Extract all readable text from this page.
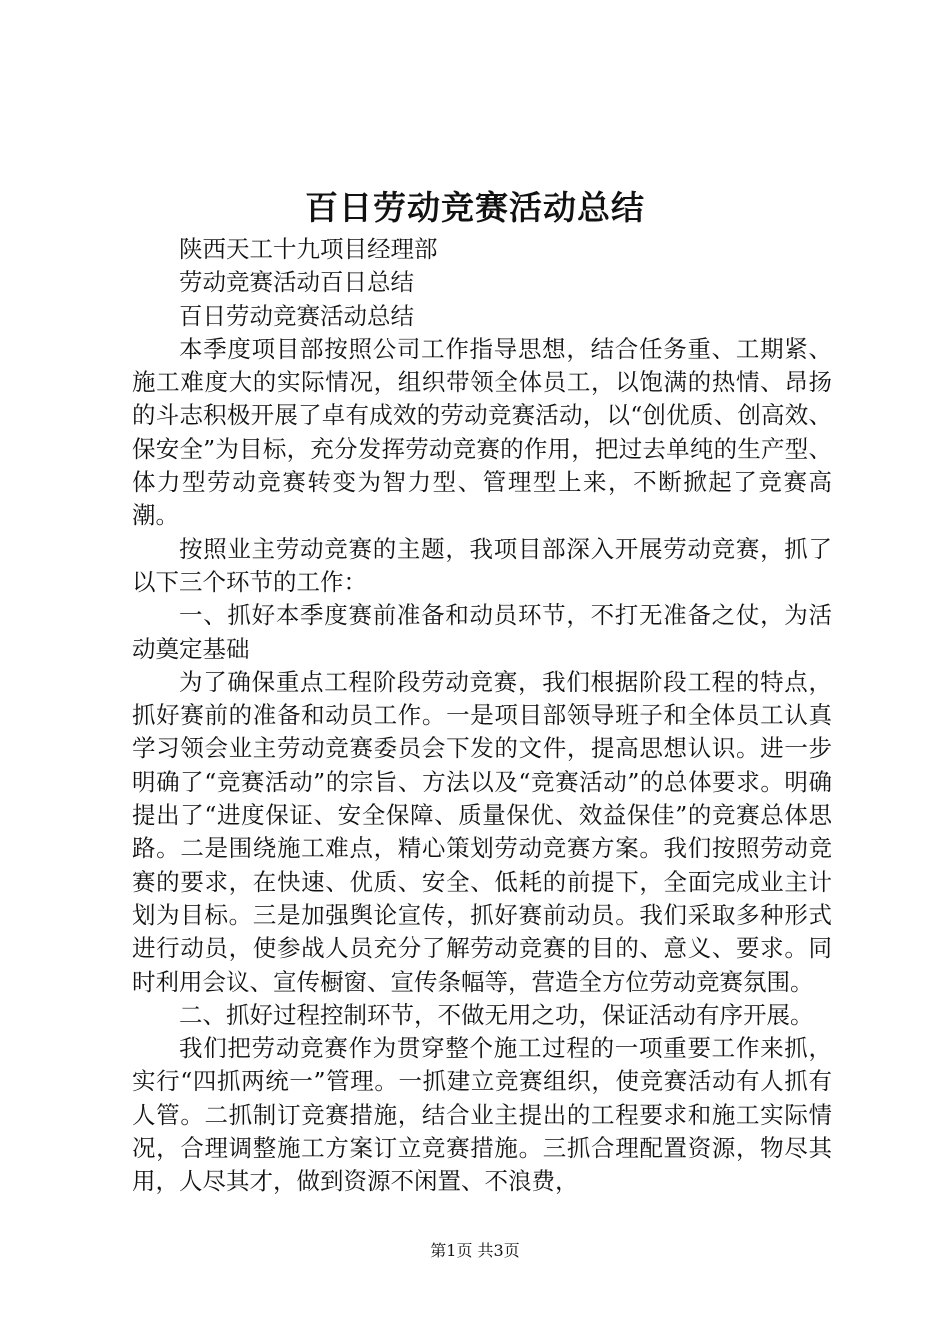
百日劳动竞赛活动总结

陕西天工十九项目经理部

劳动竞赛活动百日总结

百日劳动竞赛活动总结

本季度项目部按照公司工作指导思想，结合任务重、工期紧、施工难度大的实际情况，组织带领全体员工，以饱满的热情、昂扬的斗志积极开展了卓有成效的劳动竞赛活动，以“创优质、创高效、保安全”为目标，充分发挥劳动竞赛的作用，把过去单纯的生产型、体力型劳动竞赛转变为智力型、管理型上来，不断掀起了竞赛高潮。

按照业主劳动竞赛的主题，我项目部深入开展劳动竞赛，抓了以下三个环节的工作：

一、抓好本季度赛前准备和动员环节，不打无准备之仗，为活动奠定基础

为了确保重点工程阶段劳动竞赛，我们根据阶段工程的特点，抓好赛前的准备和动员工作。一是项目部领导班子和全体员工认真学习领会业主劳动竞赛委员会下发的文件，提高思想认识。进一步明确了“竞赛活动”的宗旨、方法以及“竞赛活动”的总体要求。明确提出了“进度保证、安全保障、质量保优、效益保佳”的竞赛总体思路。二是围绕施工难点，精心策划劳动竞赛方案。我们按照劳动竞赛的要求，在快速、优质、安全、低耗的前提下，全面完成业主计划为目标。三是加强舆论宣传，抓好赛前动员。我们采取多种形式进行动员，使参战人员充分了解劳动竞赛的目的、意义、要求。同时利用会议、宣传橱窗、宣传条幅等，营造全方位劳动竞赛氛围。

二、抓好过程控制环节，不做无用之功，保证活动有序开展。

我们把劳动竞赛作为贯穿整个施工过程的一项重要工作来抓，实行“四抓两统一”管理。一抓建立竞赛组织，使竞赛活动有人抓有人管。二抓制订竞赛措施，结合业主提出的工程要求和施工实际情况，合理调整施工方案订立竞赛措施。三抓合理配置资源，物尽其用，人尽其才，做到资源不闲置、不浪费，

第1页 共3页
